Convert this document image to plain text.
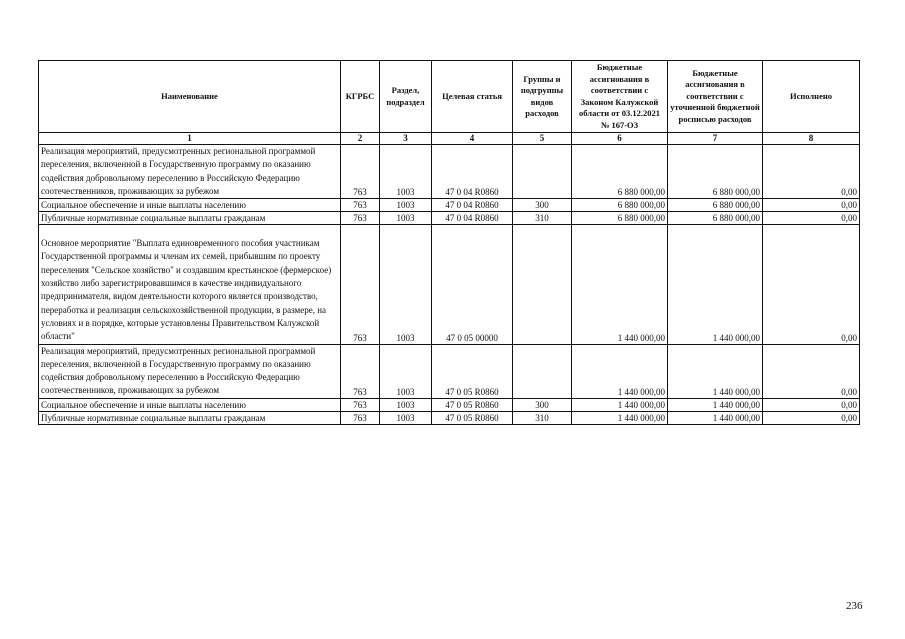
Наименование	КГРБС	Раздел, подраздел	Целевая статья	Группы и подгруппы видов расходов	Бюджетные ассигнования в соответствии с Законом Калужской области от 03.12.2021 № 167-ОЗ	Бюджетные ассигнования в соответствии с уточненной бюджетной росписью расходов	Исполнено
1	2	3	4	5	6	7	8
Реализация мероприятий, предусмотренных региональной программой переселения, включенной в Государственную программу по оказанию содействия добровольному переселению в Российскую Федерацию соотечественников, проживающих за рубежом	763	1003	47 0 04 R0860		6 880 000,00	6 880 000,00	0,00
Социальное обеспечение и иные выплаты населению	763	1003	47 0 04 R0860	300	6 880 000,00	6 880 000,00	0,00
Публичные нормативные социальные выплаты гражданам	763	1003	47 0 04 R0860	310	6 880 000,00	6 880 000,00	0,00
Основное мероприятие "Выплата единовременного пособия участникам Государственной программы и членам их семей, прибывшим по проекту переселения "Сельское хозяйство" и создавшим крестьянское (фермерское) хозяйство либо зарегистрировавшимся в качестве индивидуального предпринимателя, видом деятельности которого является производство, переработка и реализация сельскохозяйственной продукции, в размере, на условиях и в порядке, которые установлены Правительством Калужской области"	763	1003	47 0 05 00000		1 440 000,00	1 440 000,00	0,00
Реализация мероприятий, предусмотренных региональной программой переселения, включенной в Государственную программу по оказанию содействия добровольному переселению в Российскую Федерацию соотечественников, проживающих за рубежом	763	1003	47 0 05 R0860		1 440 000,00	1 440 000,00	0,00
Социальное обеспечение и иные выплаты населению	763	1003	47 0 05 R0860	300	1 440 000,00	1 440 000,00	0,00
Публичные нормативные социальные выплаты гражданам	763	1003	47 0 05 R0860	310	1 440 000,00	1 440 000,00	0,00
236
